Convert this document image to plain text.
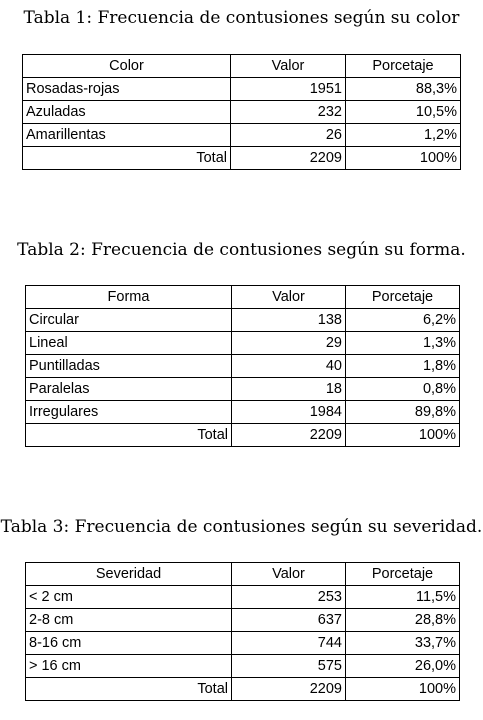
Tabla 1: Frecuencia de contusiones según su color
Color	Valor	Porcetaje
Rosadas-rojas	1951	88,3%
Azuladas	232	10,5%
Amarillentas	26	1,2%
Total	2209	100%
Tabla 2: Frecuencia de contusiones según su forma.
Forma	Valor	Porcetaje
Circular	138	6,2%
Lineal	29	1,3%
Puntilladas	40	1,8%
Paralelas	18	0,8%
Irregulares	1984	89,8%
Total	2209	100%
Tabla 3: Frecuencia de contusiones según su severidad.
Severidad	Valor	Porcetaje
< 2 cm	253	11,5%
2-8 cm	637	28,8%
8-16 cm	744	33,7%
> 16 cm	575	26,0%
Total	2209	100%
